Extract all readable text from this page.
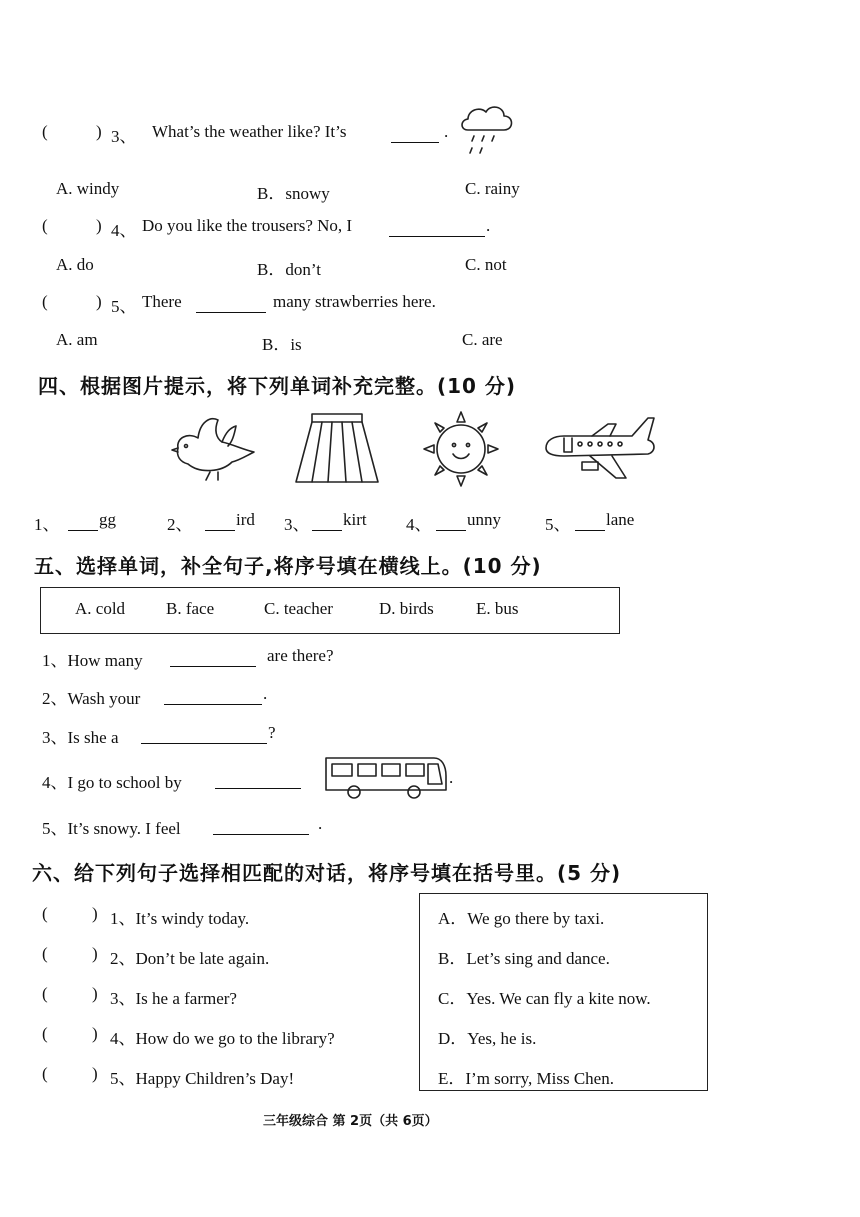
(	) 3、 What’s the weather like? It’s	.
A. windy	B．snowy	C. rainy
(	) 4、 Do you like the trousers? No, I	.
A. do	B．don’t	C. not
(	) 5、 There	many strawberries here.
A. am	B．is	C. are
四、根据图片提示，将下列单词补充完整。(10 分)
1、 gg	2、	ird 3、 kirt 4、 unny	5、 lane
五、选择单词，补全句子,将序号填在横线上。(10 分)
A. cold B. face	C. teacher	D. birds E. bus
1、How many	are there?
2、Wash your	.
3、Is she a	?
4、I go to school by	.
5、It’s snowy. I feel	.
六、给下列句子选择相匹配的对话，将序号填在括号里。(5 分)
(	) 1、It’s windy today.
(	) 2、Don’t be late again.
(	) 3、Is he a farmer?
(	) 4、How do we go to the library?
(	) 5、Happy Children’s Day!
A．We go there by taxi.
B．Let’s sing and dance.
C．Yes. We can fly a kite now.
D．Yes, he is.
E．I’m sorry, Miss Chen.
三年级综合 第 2页（共 6页）
